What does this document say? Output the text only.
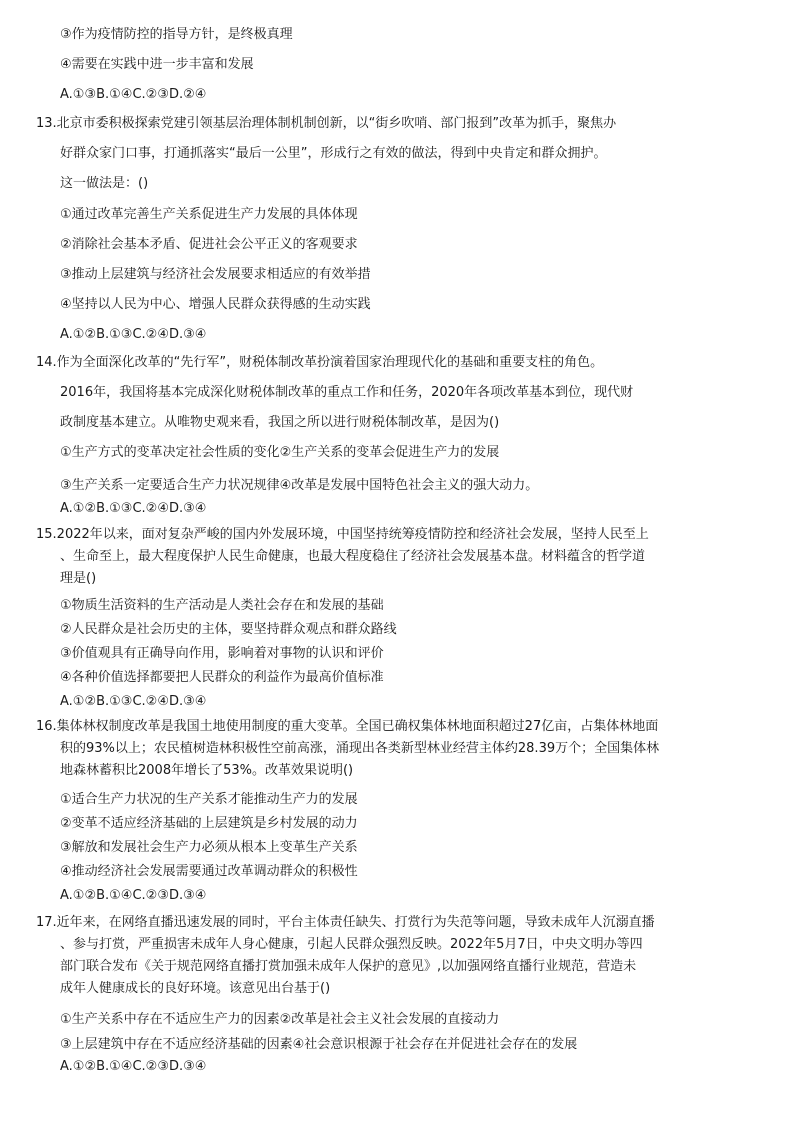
③作为疫情防控的指导方针，是终极真理
④需要在实践中进一步丰富和发展
A.①③B.①④C.②③D.②④
13.北京市委积极探索党建引领基层治理体制机制创新，以“街乡吹哨、部门报到”改革为抓手，聚焦办
好群众家门口事，打通抓落实“最后一公里”，形成行之有效的做法，得到中央肯定和群众拥护。
这一做法是：()
①通过改革完善生产关系促进生产力发展的具体体现
②消除社会基本矛盾、促进社会公平正义的客观要求
③推动上层建筑与经济社会发展要求相适应的有效举措
④坚持以人民为中心、增强人民群众获得感的生动实践
A.①②B.①③C.②④D.③④
14.作为全面深化改革的“先行军”，财税体制改革扮演着国家治理现代化的基础和重要支柱的角色。
2016年，我国将基本完成深化财税体制改革的重点工作和任务，2020年各项改革基本到位，现代财
政制度基本建立。从唯物史观来看，我国之所以进行财税体制改革，是因为()
①生产方式的变革决定社会性质的变化②生产关系的变革会促进生产力的发展
③生产关系一定要适合生产力状况规律④改革是发展中国特色社会主义的强大动力。
A.①②B.①③C.②④D.③④
15.2022年以来，面对复杂严峻的国内外发展环境，中国坚持统筹疫情防控和经济社会发展，坚持人民至上
、生命至上，最大程度保护人民生命健康，也最大程度稳住了经济社会发展基本盘。材料蕴含的哲学道
理是()
①物质生活资料的生产活动是人类社会存在和发展的基础
②人民群众是社会历史的主体，要坚持群众观点和群众路线
③价值观具有正确导向作用，影响着对事物的认识和评价
④各种价值选择都要把人民群众的利益作为最高价值标准
A.①②B.①③C.②④D.③④
16.集体林权制度改革是我国土地使用制度的重大变革。全国已确权集体林地面积超过27亿亩，占集体林地面
积的93%以上；农民植树造林积极性空前高涨，涌现出各类新型林业经营主体约28.39万个；全国集体林
地森林蓄积比2008年增长了53%。改革效果说明()
①适合生产力状况的生产关系才能推动生产力的发展
②变革不适应经济基础的上层建筑是乡村发展的动力
③解放和发展社会生产力必须从根本上变革生产关系
④推动经济社会发展需要通过改革调动群众的积极性
A.①②B.①④C.②③D.③④
17.近年来，在网络直播迅速发展的同时，平台主体责任缺失、打赏行为失范等问题，导致未成年人沉溺直播
、参与打赏，严重损害未成年人身心健康，引起人民群众强烈反映。2022年5月7日，中央文明办等四
部门联合发布《关于规范网络直播打赏加强未成年人保护的意见》,以加强网络直播行业规范，营造未
成年人健康成长的良好环境。该意见出台基于()
①生产关系中存在不适应生产力的因素②改革是社会主义社会发展的直接动力
③上层建筑中存在不适应经济基础的因素④社会意识根源于社会存在并促进社会存在的发展
A.①②B.①④C.②③D.③④
